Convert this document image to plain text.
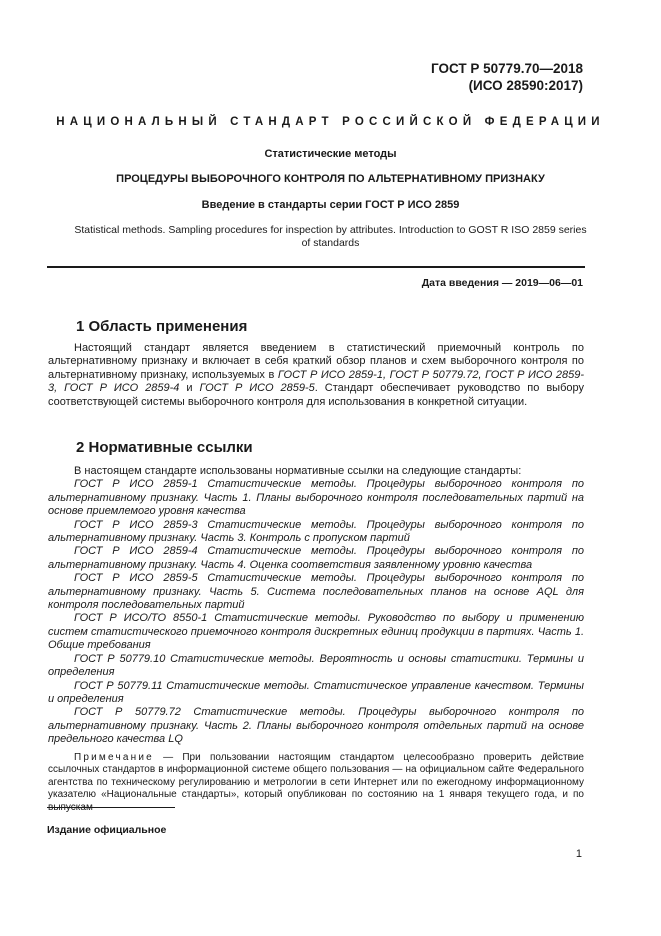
ГОСТ Р 50779.70—2018
(ИСО 28590:2017)
НАЦИОНАЛЬНЫЙ СТАНДАРТ РОССИЙСКОЙ ФЕДЕРАЦИИ
Статистические методы
ПРОЦЕДУРЫ ВЫБОРОЧНОГО КОНТРОЛЯ ПО АЛЬТЕРНАТИВНОМУ ПРИЗНАКУ
Введение в стандарты серии ГОСТ Р ИСО 2859
Statistical methods. Sampling procedures for inspection by attributes. Introduction to GOST R ISO 2859 series
of standards
Дата введения — 2019—06—01
1 Область применения

Настоящий стандарт является введением в статистический приемочный контроль по альтернативному признаку и включает в себя краткий обзор планов и схем выборочного контроля по альтернативному признаку, используемых в ГОСТ Р ИСО 2859-1, ГОСТ Р 50779.72, ГОСТ Р ИСО 2859-3, ГОСТ Р ИСО 2859-4 и ГОСТ Р ИСО 2859-5. Стандарт обеспечивает руководство по выбору соответствующей системы выборочного контроля для использования в конкретной ситуации.

2 Нормативные ссылки

В настоящем стандарте использованы нормативные ссылки на следующие стандарты:

ГОСТ Р ИСО 2859-1 Статистические методы. Процедуры выборочного контроля по альтернативному признаку. Часть 1. Планы выборочного контроля последовательных партий на основе приемлемого уровня качества

ГОСТ Р ИСО 2859-3 Статистические методы. Процедуры выборочного контроля по альтернативному признаку. Часть 3. Контроль с пропуском партий

ГОСТ Р ИСО 2859-4 Статистические методы. Процедуры выборочного контроля по альтернативному признаку. Часть 4. Оценка соответствия заявленному уровню качества

ГОСТ Р ИСО 2859-5 Статистические методы. Процедуры выборочного контроля по альтернативному признаку. Часть 5. Система последовательных планов на основе AQL для контроля последовательных партий

ГОСТ Р ИСО/ТО 8550-1 Статистические методы. Руководство по выбору и применению систем статистического приемочного контроля дискретных единиц продукции в партиях. Часть 1. Общие требования

ГОСТ Р 50779.10 Статистические методы. Вероятность и основы статистики. Термины и определения

ГОСТ Р 50779.11 Статистические методы. Статистическое управление качеством. Термины и определения

ГОСТ Р 50779.72 Статистические методы. Процедуры выборочного контроля по альтернативному признаку. Часть 2. Планы выборочного контроля отдельных партий на основе предельного качества LQ

Примечание — При пользовании настоящим стандартом целесообразно проверить действие ссылочных стандартов в информационной системе общего пользования — на официальном сайте Федерального агентства по техническому регулированию и метрологии в сети Интернет или по ежегодному информационному указателю «Национальные стандарты», который опубликован по состоянию на 1 января текущего года, и по

Издание официальное
1
